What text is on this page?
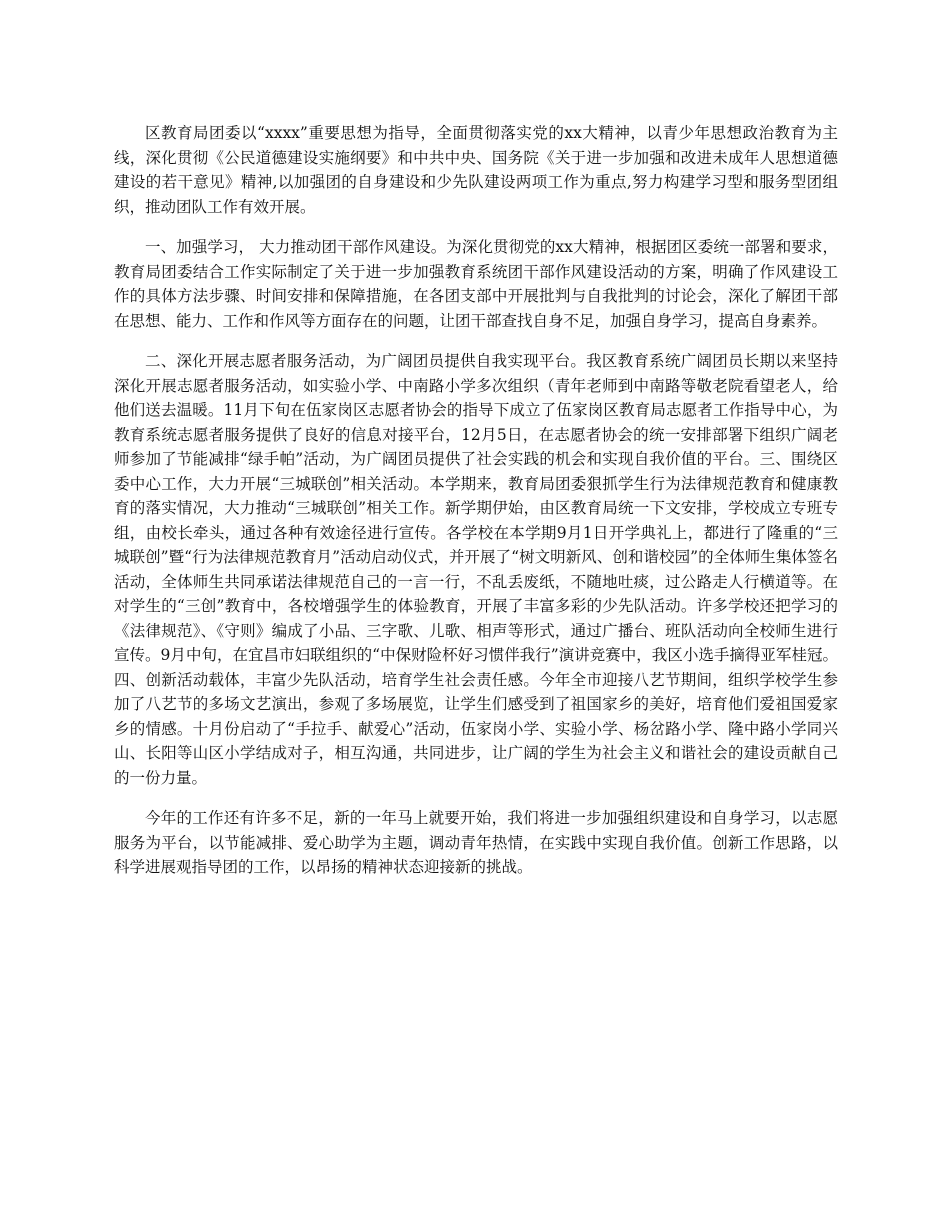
区教育局团委以“xxxx”重要思想为指导，全面贯彻落实党的xx大精神，以青少年思想政治教育为主线，深化贯彻《公民道德建设实施纲要》和中共中央、国务院《关于进一步加强和改进未成年人思想道德建设的若干意见》精神,以加强团的自身建设和少先队建设两项工作为重点,努力构建学习型和服务型团组织，推动团队工作有效开展。

一、加强学习， 大力推动团干部作风建设。为深化贯彻党的xx大精神，根据团区委统一部署和要求，教育局团委结合工作实际制定了关于进一步加强教育系统团干部作风建设活动的方案，明确了作风建设工作的具体方法步骤、时间安排和保障措施，在各团支部中开展批判与自我批判的讨论会，深化了解团干部在思想、能力、工作和作风等方面存在的问题，让团干部查找自身不足，加强自身学习，提高自身素养。

二、深化开展志愿者服务活动，为广阔团员提供自我实现平台。我区教育系统广阔团员长期以来坚持深化开展志愿者服务活动，如实验小学、中南路小学多次组织（青年老师到中南路等敬老院看望老人，给他们送去温暖。11月下旬在伍家岗区志愿者协会的指导下成立了伍家岗区教育局志愿者工作指导中心，为教育系统志愿者服务提供了良好的信息对接平台，12月5日，在志愿者协会的统一安排部署下组织广阔老师参加了节能减排“绿手帕”活动，为广阔团员提供了社会实践的机会和实现自我价值的平台。三、围绕区委中心工作，大力开展“三城联创”相关活动。本学期来，教育局团委狠抓学生行为法律规范教育和健康教育的落实情况，大力推动“三城联创”相关工作。新学期伊始，由区教育局统一下文安排，学校成立专班专组，由校长牵头，通过各种有效途径进行宣传。各学校在本学期9月1日开学典礼上，都进行了隆重的“三城联创”暨“行为法律规范教育月”活动启动仪式，并开展了“树文明新风、创和谐校园”的全体师生集体签名活动，全体师生共同承诺法律规范自己的一言一行，不乱丢废纸，不随地吐痰，过公路走人行横道等。在对学生的“三创”教育中，各校增强学生的体验教育，开展了丰富多彩的少先队活动。许多学校还把学习的《法律规范》、《守则》编成了小品、三字歌、儿歌、相声等形式，通过广播台、班队活动向全校师生进行宣传。9月中旬，在宜昌市妇联组织的“中保财险杯好习惯伴我行”演讲竞赛中，我区小选手摘得亚军桂冠。四、创新活动载体，丰富少先队活动，培育学生社会责任感。今年全市迎接八艺节期间，组织学校学生参加了八艺节的多场文艺演出，参观了多场展览，让学生们感受到了祖国家乡的美好，培育他们爱祖国爱家乡的情感。十月份启动了“手拉手、献爱心”活动，伍家岗小学、实验小学、杨岔路小学、隆中路小学同兴山、长阳等山区小学结成对子，相互沟通，共同进步，让广阔的学生为社会主义和谐社会的建设贡献自己的一份力量。

今年的工作还有许多不足，新的一年马上就要开始，我们将进一步加强组织建设和自身学习，以志愿服务为平台，以节能减排、爱心助学为主题，调动青年热情，在实践中实现自我价值。创新工作思路，以科学进展观指导团的工作，以昂扬的精神状态迎接新的挑战。
